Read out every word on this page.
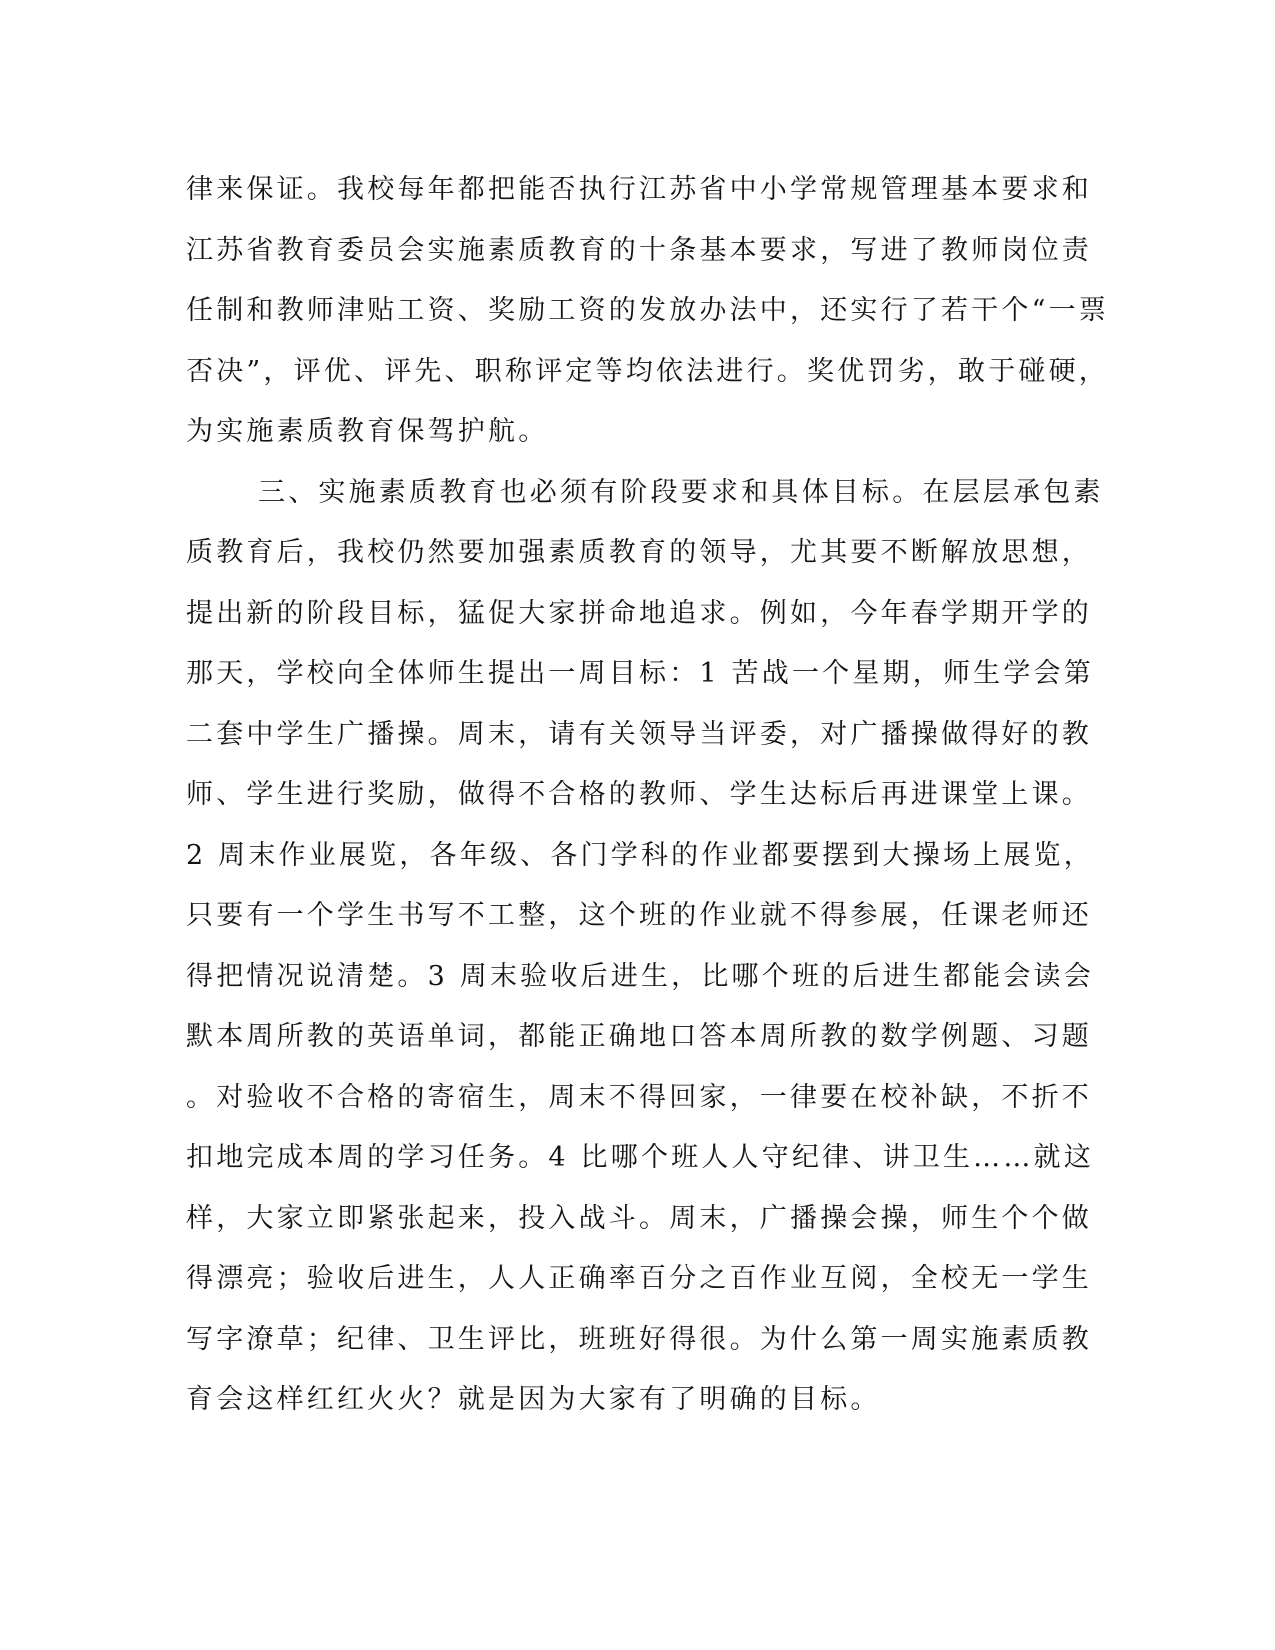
律来保证。我校每年都把能否执行江苏省中小学常规管理基本要求和
江苏省教育委员会实施素质教育的十条基本要求，写进了教师岗位责
任制和教师津贴工资、奖励工资的发放办法中，还实行了若干个“一票
否决”，评优、评先、职称评定等均依法进行。奖优罚劣，敢于碰硬，
为实施素质教育保驾护航。
三、实施素质教育也必须有阶段要求和具体目标。在层层承包素
质教育后，我校仍然要加强素质教育的领导，尤其要不断解放思想，
提出新的阶段目标，猛促大家拼命地追求。例如，今年春学期开学的
那天，学校向全体师生提出一周目标：1 苦战一个星期，师生学会第
二套中学生广播操。周末，请有关领导当评委，对广播操做得好的教
师、学生进行奖励，做得不合格的教师、学生达标后再进课堂上课。
2 周末作业展览，各年级、各门学科的作业都要摆到大操场上展览，
只要有一个学生书写不工整，这个班的作业就不得参展，任课老师还
得把情况说清楚。3 周末验收后进生，比哪个班的后进生都能会读会
默本周所教的英语单词，都能正确地口答本周所教的数学例题、习题
。对验收不合格的寄宿生，周末不得回家，一律要在校补缺，不折不
扣地完成本周的学习任务。4 比哪个班人人守纪律、讲卫生……就这
样，大家立即紧张起来，投入战斗。周末，广播操会操，师生个个做
得漂亮；验收后进生，人人正确率百分之百作业互阅，全校无一学生
写字潦草；纪律、卫生评比，班班好得很。为什么第一周实施素质教
育会这样红红火火？就是因为大家有了明确的目标。
